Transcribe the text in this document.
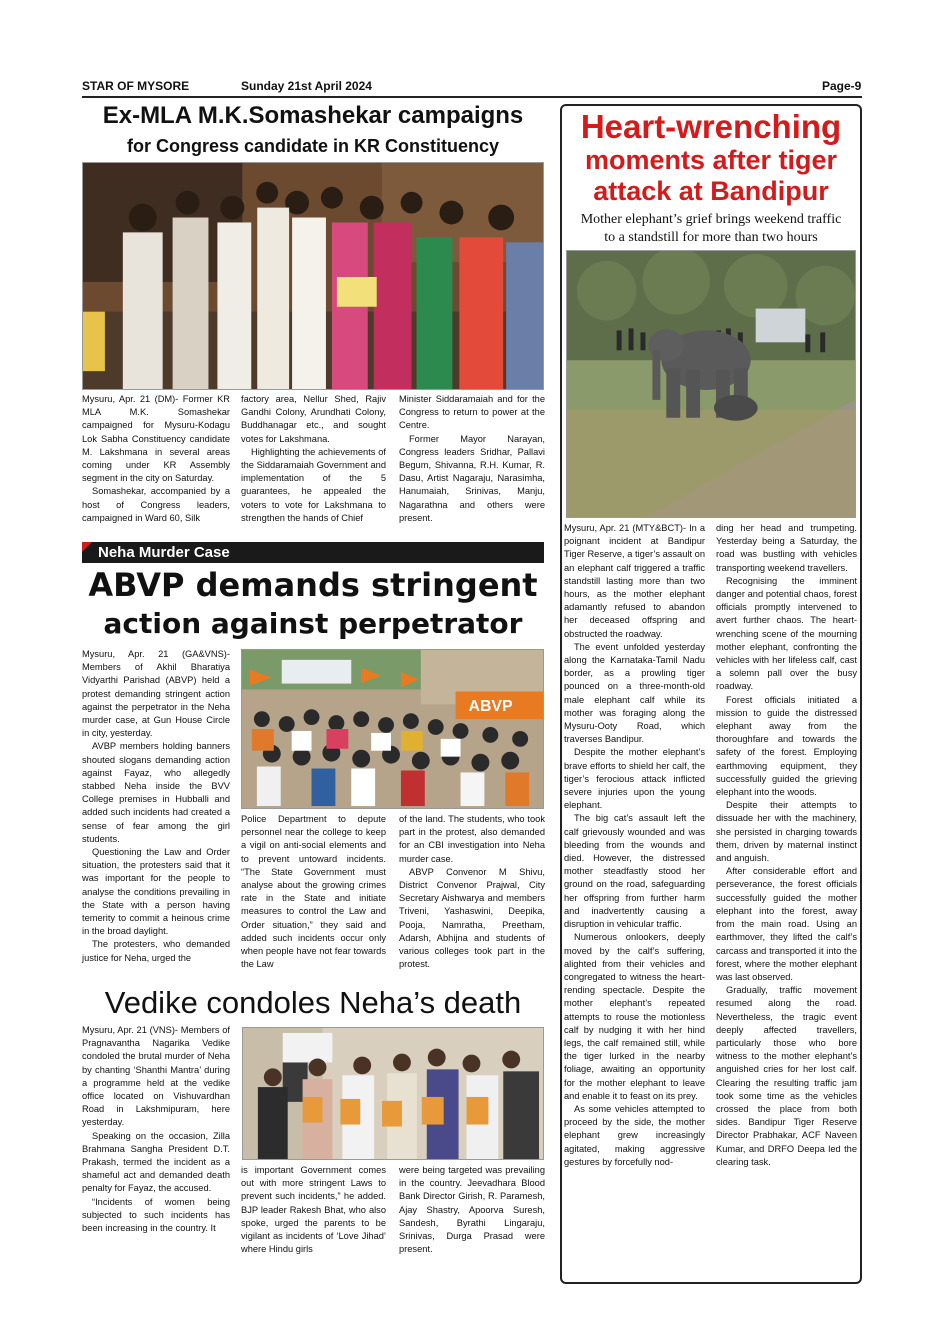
STAR OF MYSORE	Sunday 21st April 2024	Page-9
Ex-MLA M.K.Somashekar campaigns
for Congress candidate in KR Constituency

Mysuru, Apr. 21 (DM)- Former KR MLA M.K. Somashekar campaigned for Mysuru-Kodagu Lok Sabha Constituency candidate M. Lakshmana in several areas coming under KR Assembly segment in the city on Saturday.

Somashekar, accompanied by a host of Congress leaders, campaigned in Ward 60, Silk

factory area, Nellur Shed, Rajiv Gandhi Colony, Arundhati Colony, Buddhanagar etc., and sought votes for Lakshmana.

Highlighting the achievements of the Siddaramaiah Government and implementation of the 5 guarantees, he appealed the voters to vote for Lakshmana to strengthen the hands of Chief

Minister Siddaramaiah and for the Congress to return to power at the Centre.

Former Mayor Narayan, Congress leaders Sridhar, Pallavi Begum, Shivanna, R.H. Kumar, R. Dasu, Artist Nagaraju, Narasimha, Hanumaiah, Srinivas, Manju, Nagarathna and others were present.

Neha Murder Case
ABVP demands stringent
action against perpetrator

Mysuru, Apr. 21 (GA&VNS)- Members of Akhil Bharatiya Vidyarthi Parishad (ABVP) held a protest demanding stringent action against the perpetrator in the Neha murder case, at Gun House Circle in city, yesterday.

AVBP members holding banners shouted slogans demanding action against Fayaz, who allegedly stabbed Neha inside the BVV College premises in Hubballi and added such incidents had created a sense of fear among the girl students.

Questioning the Law and Order situation, the protesters said that it was important for the people to analyse the conditions prevailing in the State with a person having temerity to commit a heinous crime in the broad daylight.

The protesters, who demanded justice for Neha, urged the

ABVP

Police Department to depute personnel near the college to keep a vigil on anti-social elements and to prevent untoward incidents. “The State Government must analyse about the growing crimes rate in the State and initiate measures to control the Law and Order situation,” they said and added such incidents occur only when people have not fear towards the Law

of the land. The students, who took part in the protest, also demanded for an CBI investigation into Neha murder case.

ABVP Convenor M Shivu, District Convenor Prajwal, City Secretary Aishwarya and members Triveni, Yashaswini, Deepika, Pooja, Namratha, Preetham, Adarsh, Abhijna and students of various colleges took part in the protest.

Vedike condoles Neha’s death

Mysuru, Apr. 21 (VNS)- Members of Pragnavantha Nagarika Vedike condoled the brutal murder of Neha by chanting ‘Shanthi Mantra’ during a programme held at the vedike office located on Vishuvardhan Road in Lakshmipuram, here yesterday.

Speaking on the occasion, Zilla Brahmana Sangha President D.T. Prakash, termed the incident as a shameful act and demanded death penalty for Fayaz, the accused.

“Incidents of women being subjected to such incidents has been increasing in the country. It

is important Government comes out with more stringent Laws to prevent such incidents,” he added. BJP leader Rakesh Bhat, who also spoke, urged the parents to be vigilant as incidents of ‘Love Jihad’ where Hindu girls

were being targeted was prevailing in the country. Jeevadhara Blood Bank Director Girish, R. Paramesh, Ajay Shastry, Apoorva Suresh, Sandesh, Byrathi Lingaraju, Srinivas, Durga Prasad were present.

Heart-wrenching
moments after tiger
attack at Bandipur
Mother elephant’s grief brings weekend traffic
to a standstill for more than two hours

Mysuru, Apr. 21 (MTY&BCT)- In a poignant incident at Bandipur Tiger Reserve, a tiger’s assault on an elephant calf triggered a traffic standstill lasting more than two hours, as the mother elephant adamantly refused to abandon her deceased offspring and obstructed the roadway.

The event unfolded yesterday along the Karnataka-Tamil Nadu border, as a prowling tiger pounced on a three-month-old male elephant calf while its mother was foraging along the Mysuru-Ooty Road, which traverses Bandipur.

Despite the mother elephant’s brave efforts to shield her calf, the tiger’s ferocious attack inflicted severe injuries upon the young elephant.

The big cat’s assault left the calf grievously wounded and was bleeding from the wounds and died. However, the distressed mother steadfastly stood her ground on the road, safeguarding her offspring from further harm and inadvertently causing a disruption in vehicular traffic.

Numerous onlookers, deeply moved by the calf’s suffering, alighted from their vehicles and congregated to witness the heart-rending spectacle. Despite the mother elephant’s repeated attempts to rouse the motionless calf by nudging it with her hind legs, the calf remained still, while the tiger lurked in the nearby foliage, awaiting an opportunity for the mother elephant to leave and enable it to feast on its prey.

As some vehicles attempted to proceed by the side, the mother elephant grew increasingly agitated, making aggressive gestures by forcefully nod-

ding her head and trumpeting. Yesterday being a Saturday, the road was bustling with vehicles transporting weekend travellers.

Recognising the imminent danger and potential chaos, forest officials promptly intervened to avert further chaos. The heart-wrenching scene of the mourning mother elephant, confronting the vehicles with her lifeless calf, cast a solemn pall over the busy roadway.

Forest officials initiated a mission to guide the distressed elephant away from the thoroughfare and towards the safety of the forest. Employing earthmoving equipment, they successfully guided the grieving elephant into the woods.

Despite their attempts to dissuade her with the machinery, she persisted in charging towards them, driven by maternal instinct and anguish.

After considerable effort and perseverance, the forest officials successfully guided the mother elephant into the forest, away from the main road. Using an earthmover, they lifted the calf’s carcass and transported it into the forest, where the mother elephant was last observed.

Gradually, traffic movement resumed along the road. Nevertheless, the tragic event deeply affected travellers, particularly those who bore witness to the mother elephant’s anguished cries for her lost calf. Clearing the resulting traffic jam took some time as the vehicles crossed the place from both sides. Bandipur Tiger Reserve Director Prabhakar, ACF Naveen Kumar, and DRFO Deepa led the clearing task.
